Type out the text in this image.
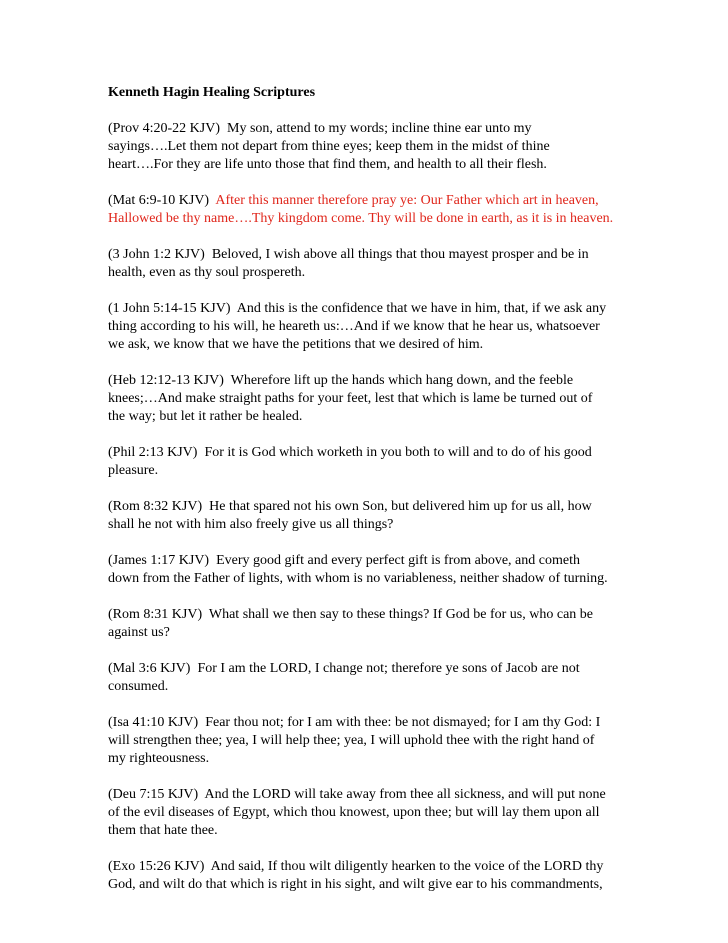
Kenneth Hagin Healing Scriptures
(Prov 4:20-22 KJV) My son, attend to my words; incline thine ear unto my
sayings….Let them not depart from thine eyes; keep them in the midst of thine
heart….For they are life unto those that find them, and health to all their flesh.
(Mat 6:9-10 KJV) After this manner therefore pray ye: Our Father which art in heaven,
Hallowed be thy name….Thy kingdom come. Thy will be done in earth, as it is in heaven.
(3 John 1:2 KJV) Beloved, I wish above all things that thou mayest prosper and be in
health, even as thy soul prospereth.
(1 John 5:14-15 KJV) And this is the confidence that we have in him, that, if we ask any
thing according to his will, he heareth us:…And if we know that he hear us, whatsoever
we ask, we know that we have the petitions that we desired of him.
(Heb 12:12-13 KJV) Wherefore lift up the hands which hang down, and the feeble
knees;…And make straight paths for your feet, lest that which is lame be turned out of
the way; but let it rather be healed.
(Phil 2:13 KJV) For it is God which worketh in you both to will and to do of his good
pleasure.
(Rom 8:32 KJV) He that spared not his own Son, but delivered him up for us all, how
shall he not with him also freely give us all things?
(James 1:17 KJV) Every good gift and every perfect gift is from above, and cometh
down from the Father of lights, with whom is no variableness, neither shadow of turning.
(Rom 8:31 KJV) What shall we then say to these things? If God be for us, who can be
against us?
(Mal 3:6 KJV) For I am the LORD, I change not; therefore ye sons of Jacob are not
consumed.
(Isa 41:10 KJV) Fear thou not; for I am with thee: be not dismayed; for I am thy God: I
will strengthen thee; yea, I will help thee; yea, I will uphold thee with the right hand of
my righteousness.
(Deu 7:15 KJV) And the LORD will take away from thee all sickness, and will put none
of the evil diseases of Egypt, which thou knowest, upon thee; but will lay them upon all
them that hate thee.
(Exo 15:26 KJV) And said, If thou wilt diligently hearken to the voice of the LORD thy
God, and wilt do that which is right in his sight, and wilt give ear to his commandments,
